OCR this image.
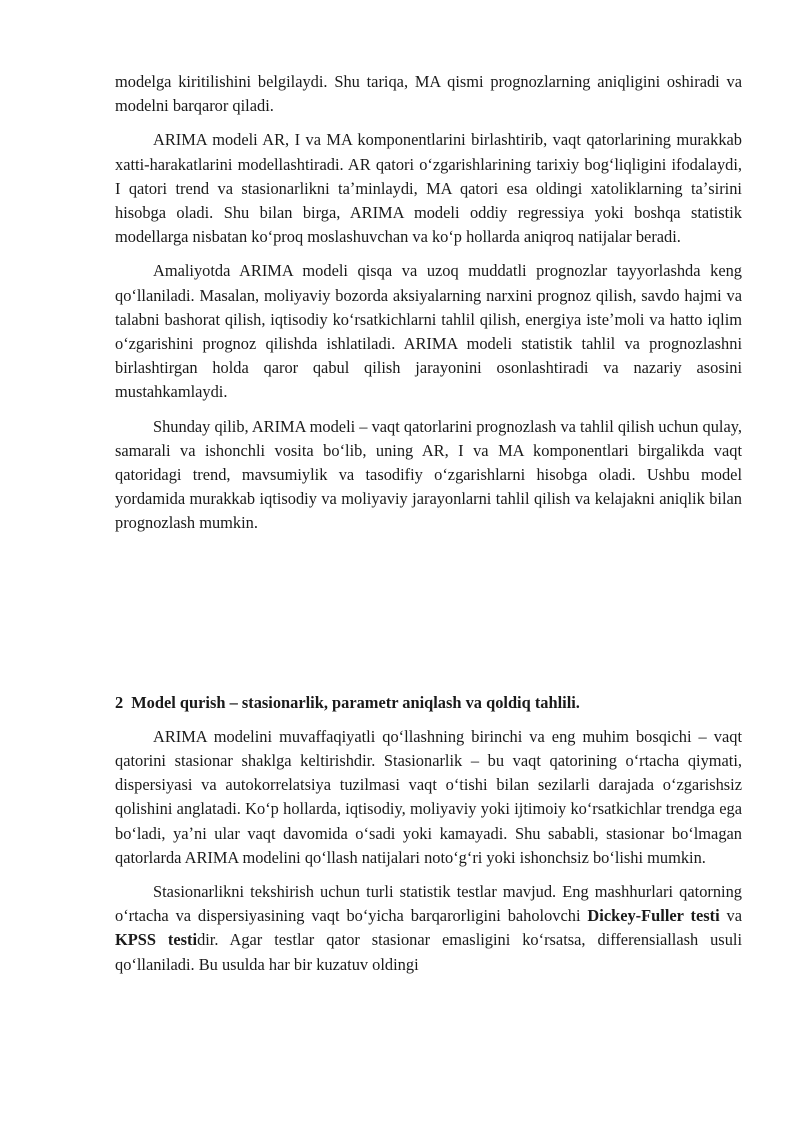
modelga kiritilishini belgilaydi. Shu tariqa, MA qismi prognozlarning aniqligini oshiradi va modelni barqaror qiladi.

ARIMA modeli AR, I va MA komponentlarini birlashtirib, vaqt qatorlarining murakkab xatti-harakatlarini modellashtiradi. AR qatori oʻzgarishlarining tarixiy bogʻliqligini ifodalaydi, I qatori trend va stasionarlikni taʼminlaydi, MA qatori esa oldingi xatoliklarning taʼsirini hisobga oladi. Shu bilan birga, ARIMA modeli oddiy regressiya yoki boshqa statistik modellarga nisbatan koʻproq moslashuvchan va koʻp hollarda aniqroq natijalar beradi.

Amaliyotda ARIMA modeli qisqa va uzoq muddatli prognozlar tayyorlashda keng qoʻllaniladi. Masalan, moliyaviy bozorda aksiyalarning narxini prognoz qilish, savdo hajmi va talabni bashorat qilish, iqtisodiy koʻrsatkichlarni tahlil qilish, energiya isteʼmoli va hatto iqlim oʻzgarishini prognoz qilishda ishlatiladi. ARIMA modeli statistik tahlil va prognozlashni birlashtirgan holda qaror qabul qilish jarayonini osonlashtiradi va nazariy asosini mustahkamlaydi.

Shunday qilib, ARIMA modeli – vaqt qatorlarini prognozlash va tahlil qilish uchun qulay, samarali va ishonchli vosita boʻlib, uning AR, I va MA komponentlari birgalikda vaqt qatoridagi trend, mavsumiylik va tasodifiy oʻzgarishlarni hisobga oladi. Ushbu model yordamida murakkab iqtisodiy va moliyaviy jarayonlarni tahlil qilish va kelajakni aniqlik bilan prognozlash mumkin.

2 Model qurish – stasionarlik, parametr aniqlash va qoldiq tahlili.

ARIMA modelini muvaffaqiyatli qoʻllashning birinchi va eng muhim bosqichi – vaqt qatorini stasionar shaklga keltirishdir. Stasionarlik – bu vaqt qatorining oʻrtacha qiymati, dispersiyasi va autokorrelatsiya tuzilmasi vaqt oʻtishi bilan sezilarli darajada oʻzgarishsiz qolishini anglatadi. Koʻp hollarda, iqtisodiy, moliyaviy yoki ijtimoiy koʻrsatkichlar trendga ega boʻladi, yaʼni ular vaqt davomida oʻsadi yoki kamayadi. Shu sababli, stasionar boʻlmagan qatorlarda ARIMA modelini qoʻllash natijalari notoʻgʻri yoki ishonchsiz boʻlishi mumkin.

Stasionarlikni tekshirish uchun turli statistik testlar mavjud. Eng mashhurlari qatorning oʻrtacha va dispersiyasining vaqt boʻyicha barqarorligini baholovchi Dickey-Fuller testi va KPSS testidir. Agar testlar qator stasionar emasligini koʻrsatsa, differensiallash usuli qoʻllaniladi. Bu usulda har bir kuzatuv oldingi
